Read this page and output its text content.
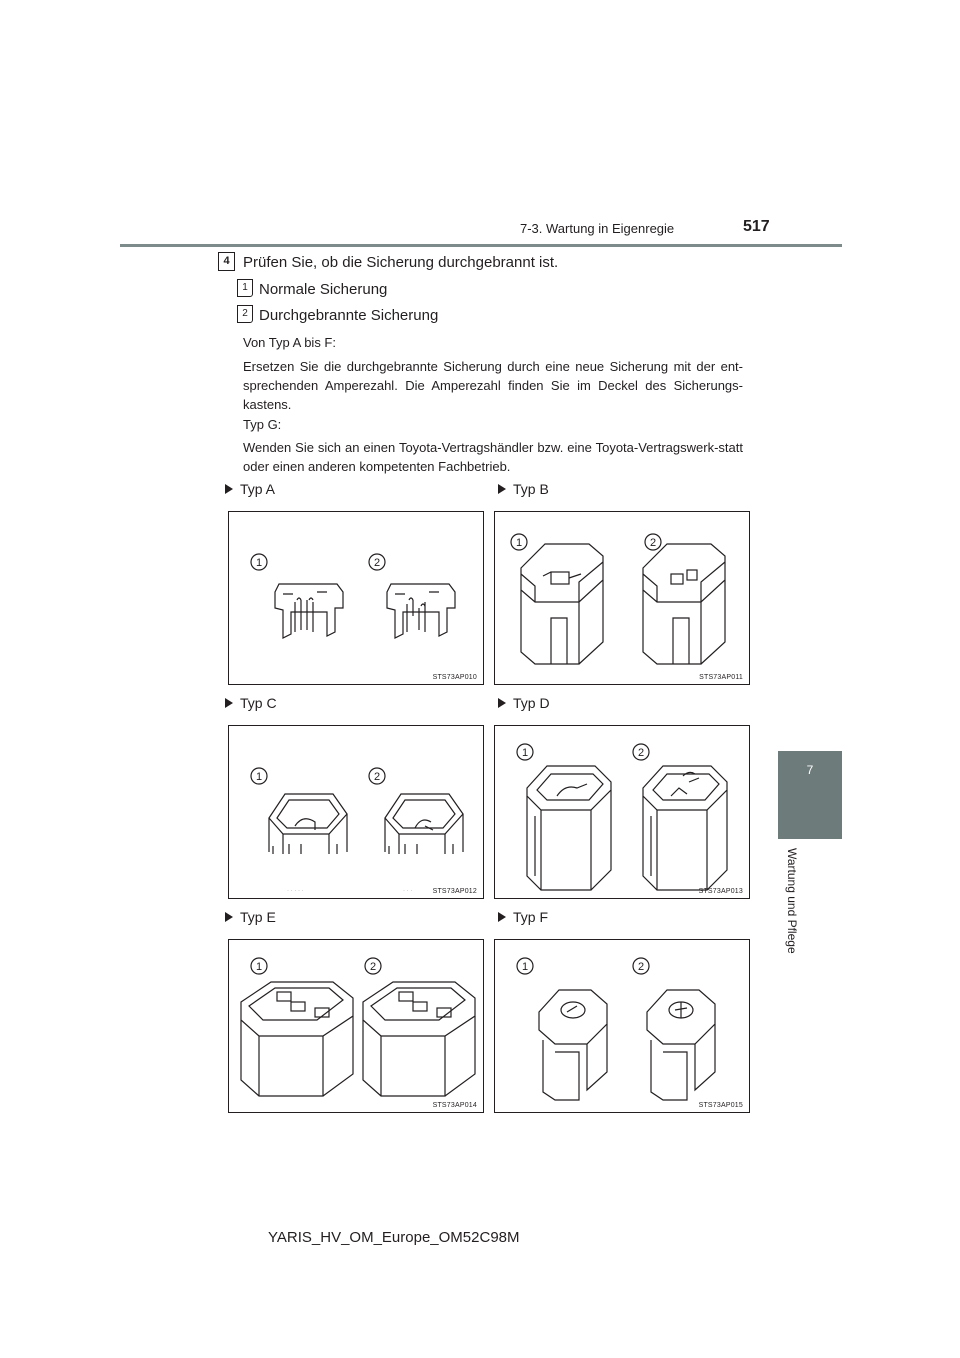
7-3. Wartung in Eigenregie	517
7
Wartung und Pflege
4 Prüfen Sie, ob die Sicherung durchgebrannt ist.
1 Normale Sicherung
2 Durchgebrannte Sicherung
Von Typ A bis F:
Ersetzen Sie die durchgebrannte Sicherung durch eine neue Sicherung mit der ent-sprechenden Amperezahl. Die Amperezahl finden Sie im Deckel des Sicherungs-kastens.
Typ G:
Wenden Sie sich an einen Toyota-Vertragshändler bzw. eine Toyota-Vertragswerk-statt oder einen anderen kompetenten Fachbetrieb.
Typ A	Typ B
Typ C	Typ D
Typ E	Typ F
1	2
STS73AP010
1	2
STS73AP011
1	2
· · · · ·	· · ·	STS73AP012
1	2
STS73AP013
1	2
STS73AP014
1	2
STS73AP015
YARIS_HV_OM_Europe_OM52C98M
